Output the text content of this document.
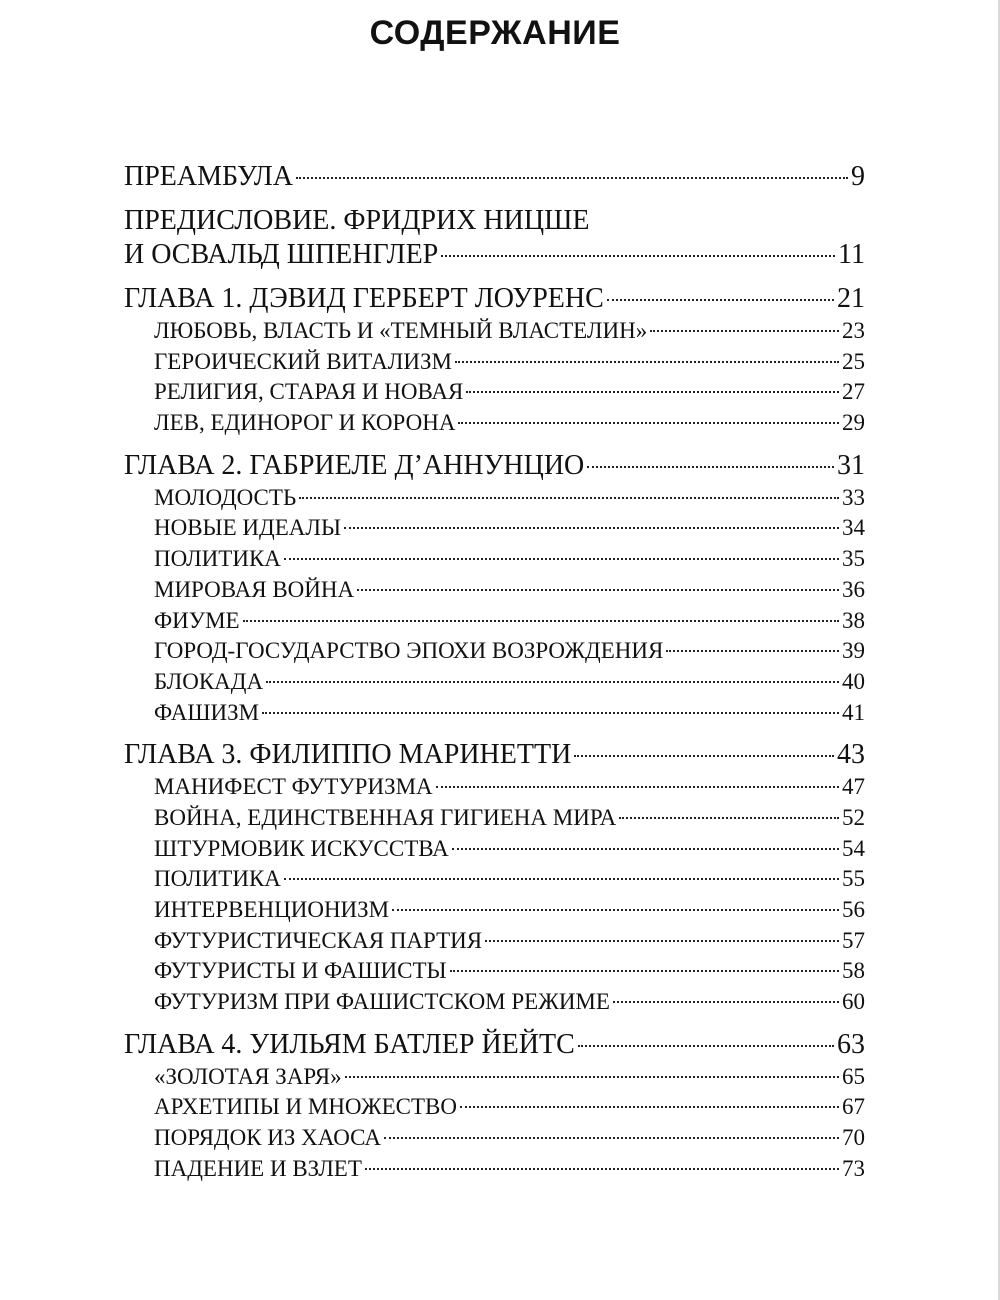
СОДЕРЖАНИЕ
ПРЕАМБУЛА	9
ПРЕДИСЛОВИЕ. ФРИДРИХ НИЦШЕ
И ОСВАЛЬД ШПЕНГЛЕР	11
ГЛАВА 1. ДЭВИД ГЕРБЕРТ ЛОУРЕНС	21
ЛЮБОВЬ, ВЛАСТЬ И «ТЕМНЫЙ ВЛАСТЕЛИН»	23
ГЕРОИЧЕСКИЙ ВИТАЛИЗМ	25
РЕЛИГИЯ, СТАРАЯ И НОВАЯ	27
ЛЕВ, ЕДИНОРОГ И КОРОНА	29
ГЛАВА 2. ГАБРИЕЛЕ Д’АННУНЦИО	31
МОЛОДОСТЬ	33
НОВЫЕ ИДЕАЛЫ	34
ПОЛИТИКА	35
МИРОВАЯ ВОЙНА	36
ФИУМЕ	38
ГОРОД-ГОСУДАРСТВО ЭПОХИ ВОЗРОЖДЕНИЯ	39
БЛОКАДА	40
ФАШИЗМ	41
ГЛАВА 3. ФИЛИППО МАРИНЕТТИ	43
МАНИФЕСТ ФУТУРИЗМА	47
ВОЙНА, ЕДИНСТВЕННАЯ ГИГИЕНА МИРА	52
ШТУРМОВИК ИСКУССТВА	54
ПОЛИТИКА	55
ИНТЕРВЕНЦИОНИЗМ	56
ФУТУРИСТИЧЕСКАЯ ПАРТИЯ	57
ФУТУРИСТЫ И ФАШИСТЫ	58
ФУТУРИЗМ ПРИ ФАШИСТСКОМ РЕЖИМЕ	60
ГЛАВА 4. УИЛЬЯМ БАТЛЕР ЙЕЙТС	63
«ЗОЛОТАЯ ЗАРЯ»	65
АРХЕТИПЫ И МНОЖЕСТВО	67
ПОРЯДОК ИЗ ХАОСА	70
ПАДЕНИЕ И ВЗЛЕТ	73
